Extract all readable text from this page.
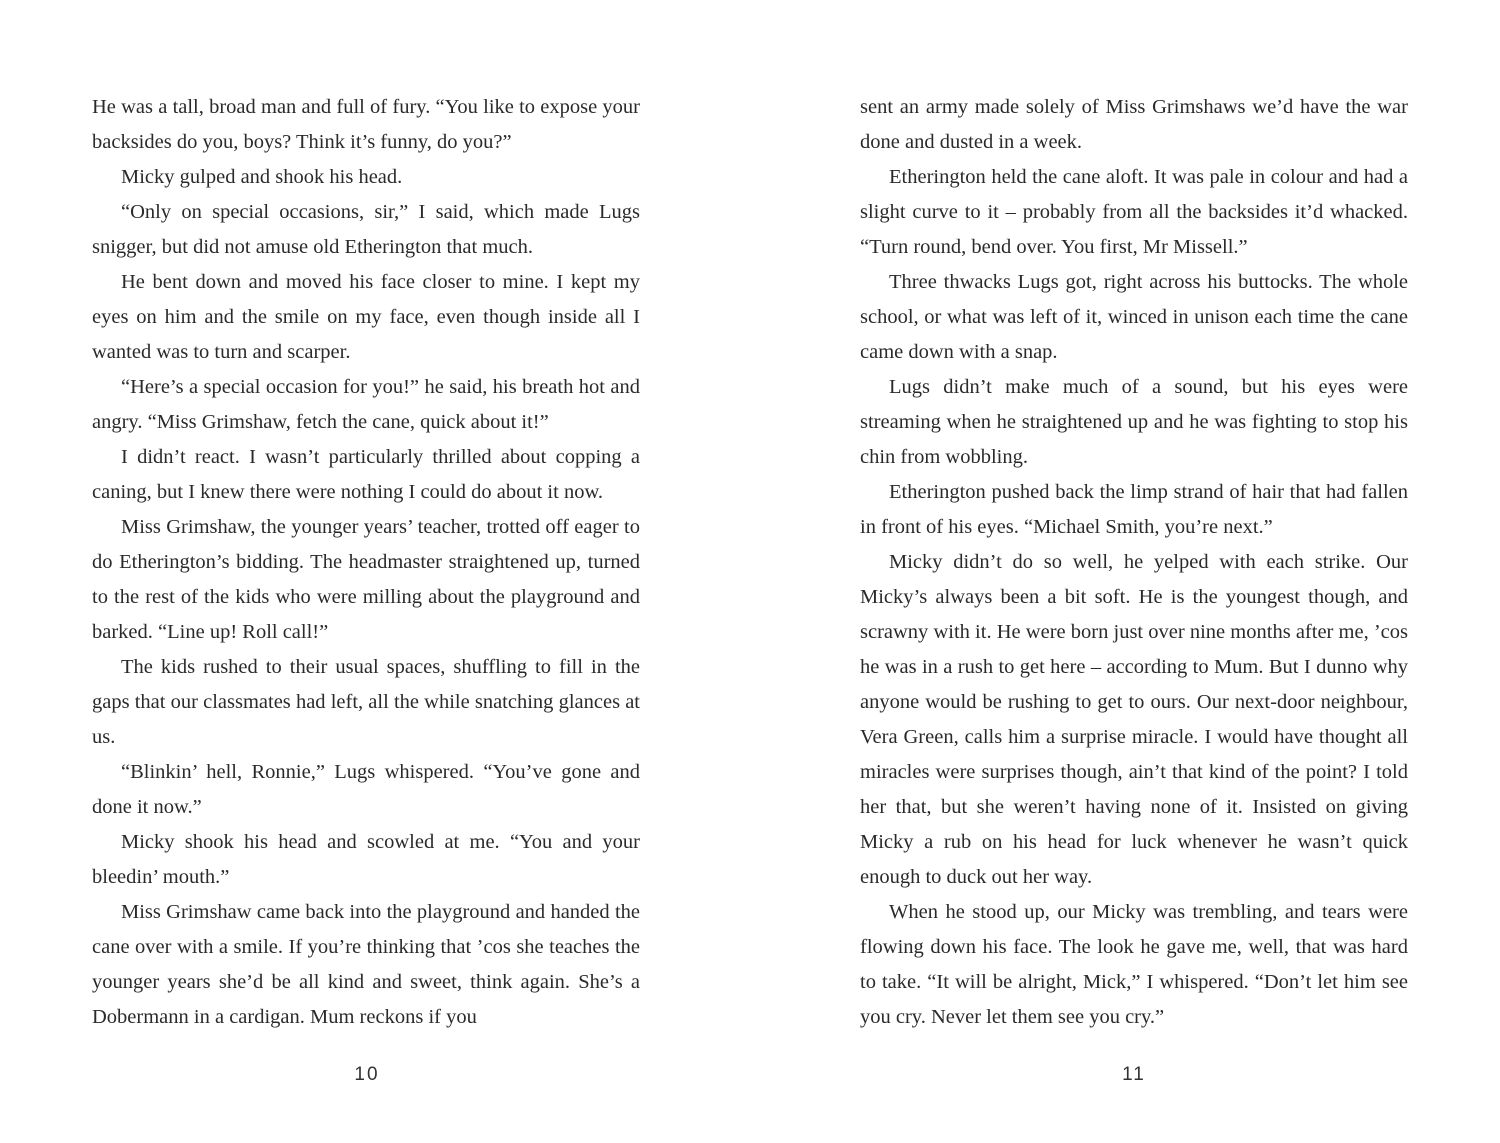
He was a tall, broad man and full of fury. “You like to expose your backsides do you, boys? Think it’s funny, do you?”

Micky gulped and shook his head.

“Only on special occasions, sir,” I said, which made Lugs snigger, but did not amuse old Etherington that much.

He bent down and moved his face closer to mine. I kept my eyes on him and the smile on my face, even though inside all I wanted was to turn and scarper.

“Here’s a special occasion for you!” he said, his breath hot and angry. “Miss Grimshaw, fetch the cane, quick about it!”

I didn’t react. I wasn’t particularly thrilled about copping a caning, but I knew there were nothing I could do about it now.

Miss Grimshaw, the younger years’ teacher, trotted off eager to do Etherington’s bidding. The headmaster straightened up, turned to the rest of the kids who were milling about the playground and barked. “Line up! Roll call!”

The kids rushed to their usual spaces, shuffling to fill in the gaps that our classmates had left, all the while snatching glances at us.

“Blinkin’ hell, Ronnie,” Lugs whispered. “You’ve gone and done it now.”

Micky shook his head and scowled at me. “You and your bleedin’ mouth.”

Miss Grimshaw came back into the playground and handed the cane over with a smile. If you’re thinking that ’cos she teaches the younger years she’d be all kind and sweet, think again. She’s a Dobermann in a cardigan. Mum reckons if you

sent an army made solely of Miss Grimshaws we’d have the war done and dusted in a week.

Etherington held the cane aloft. It was pale in colour and had a slight curve to it – probably from all the backsides it’d whacked. “Turn round, bend over. You first, Mr Missell.”

Three thwacks Lugs got, right across his buttocks. The whole school, or what was left of it, winced in unison each time the cane came down with a snap.

Lugs didn’t make much of a sound, but his eyes were streaming when he straightened up and he was fighting to stop his chin from wobbling.

Etherington pushed back the limp strand of hair that had fallen in front of his eyes. “Michael Smith, you’re next.”

Micky didn’t do so well, he yelped with each strike. Our Micky’s always been a bit soft. He is the youngest though, and scrawny with it. He were born just over nine months after me, ’cos he was in a rush to get here – according to Mum. But I dunno why anyone would be rushing to get to ours. Our next-door neighbour, Vera Green, calls him a surprise miracle. I would have thought all miracles were surprises though, ain’t that kind of the point? I told her that, but she weren’t having none of it. Insisted on giving Micky a rub on his head for luck whenever he wasn’t quick enough to duck out her way.

When he stood up, our Micky was trembling, and tears were flowing down his face. The look he gave me, well, that was hard to take. “It will be alright, Mick,” I whispered. “Don’t let him see you cry. Never let them see you cry.”

10	11
